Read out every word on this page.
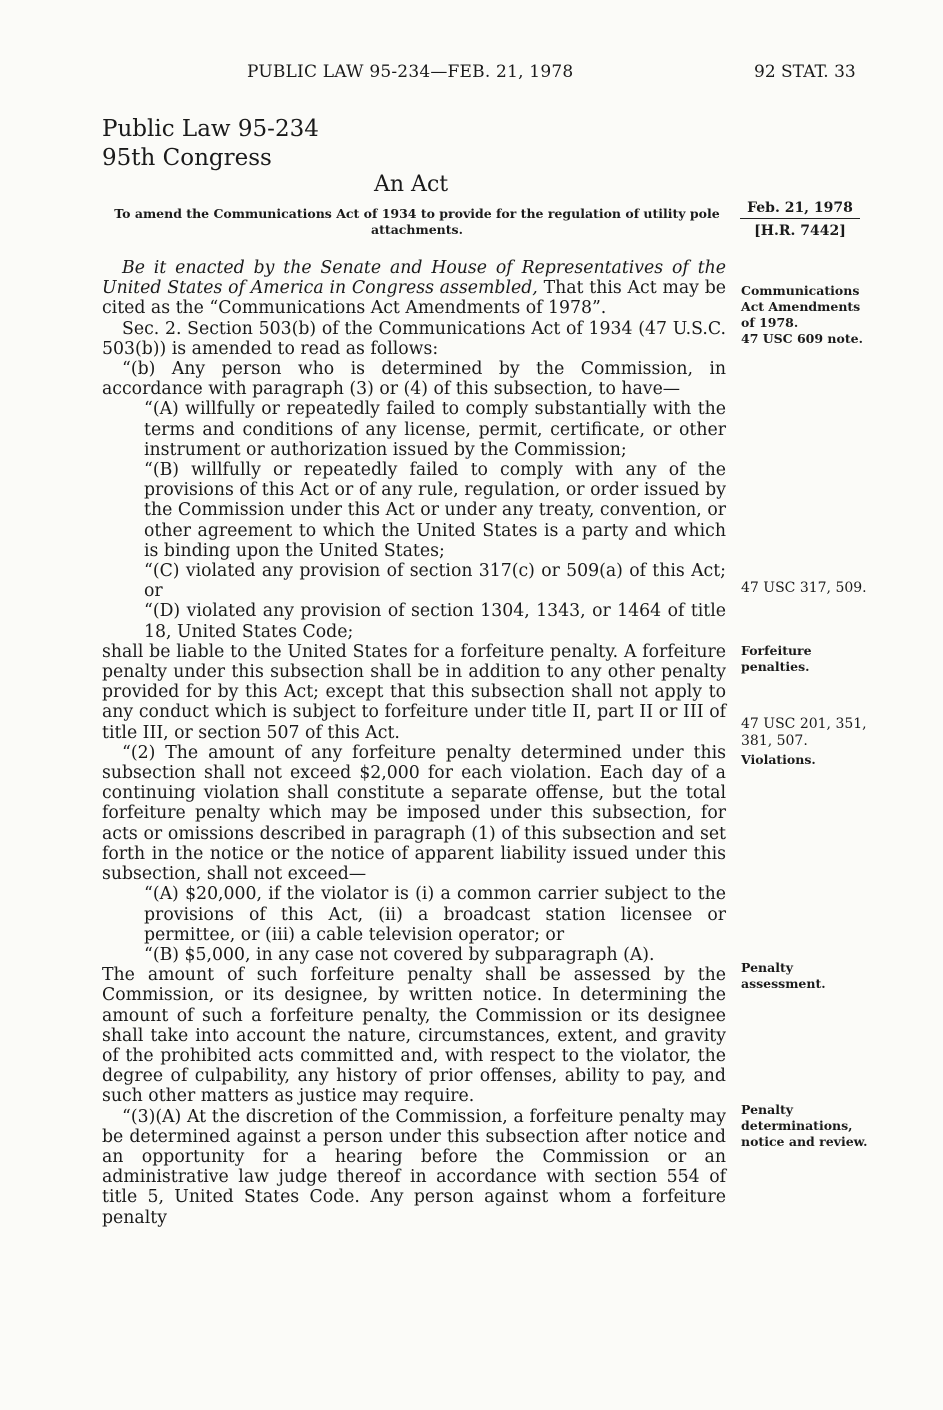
PUBLIC LAW 95-234—FEB. 21, 1978	92 STAT. 33
Public Law 95-234
95th Congress
An Act
To amend the Communications Act of 1934 to provide for the regulation of utility pole attachments.
Feb. 21, 1978
[H.R. 7442]

Be it enacted by the Senate and House of Representatives of the United States of America in Congress assembled, That this Act may be cited as the “Communications Act Amendments of 1978”.

Sec. 2. Section 503(b) of the Communications Act of 1934 (47 U.S.C. 503(b)) is amended to read as follows:

“(b) Any person who is determined by the Commission, in accordance with paragraph (3) or (4) of this subsection, to have—

“(A) willfully or repeatedly failed to comply substantially with the terms and conditions of any license, permit, certificate, or other instrument or authorization issued by the Commission;

“(B) willfully or repeatedly failed to comply with any of the provisions of this Act or of any rule, regulation, or order issued by the Commission under this Act or under any treaty, convention, or other agreement to which the United States is a party and which is binding upon the United States;

“(C) violated any provision of section 317(c) or 509(a) of this Act; or

“(D) violated any provision of section 1304, 1343, or 1464 of title 18, United States Code;

shall be liable to the United States for a forfeiture penalty. A forfeiture penalty under this subsection shall be in addition to any other penalty provided for by this Act; except that this subsection shall not apply to any conduct which is subject to forfeiture under title II, part II or III of title III, or section 507 of this Act.

“(2) The amount of any forfeiture penalty determined under this subsection shall not exceed $2,000 for each violation. Each day of a continuing violation shall constitute a separate offense, but the total forfeiture penalty which may be imposed under this subsection, for acts or omissions described in paragraph (1) of this subsection and set forth in the notice or the notice of apparent liability issued under this subsection, shall not exceed—

“(A) $20,000, if the violator is (i) a common carrier subject to the provisions of this Act, (ii) a broadcast station licensee or permittee, or (iii) a cable television operator; or

“(B) $5,000, in any case not covered by subparagraph (A).

The amount of such forfeiture penalty shall be assessed by the Commission, or its designee, by written notice. In determining the amount of such a forfeiture penalty, the Commission or its designee shall take into account the nature, circumstances, extent, and gravity of the prohibited acts committed and, with respect to the violator, the degree of culpability, any history of prior offenses, ability to pay, and such other matters as justice may require.

“(3)(A) At the discretion of the Commission, a forfeiture penalty may be determined against a person under this subsection after notice and an opportunity for a hearing before the Commission or an administrative law judge thereof in accordance with section 554 of title 5, United States Code. Any person against whom a forfeiture penalty

Communications Act Amendments of 1978.
47 USC 609 note.
47 USC 317, 509.
Forfeiture penalties.
47 USC 201, 351, 381, 507.
Violations.
Penalty assessment.
Penalty determinations, notice and review.
